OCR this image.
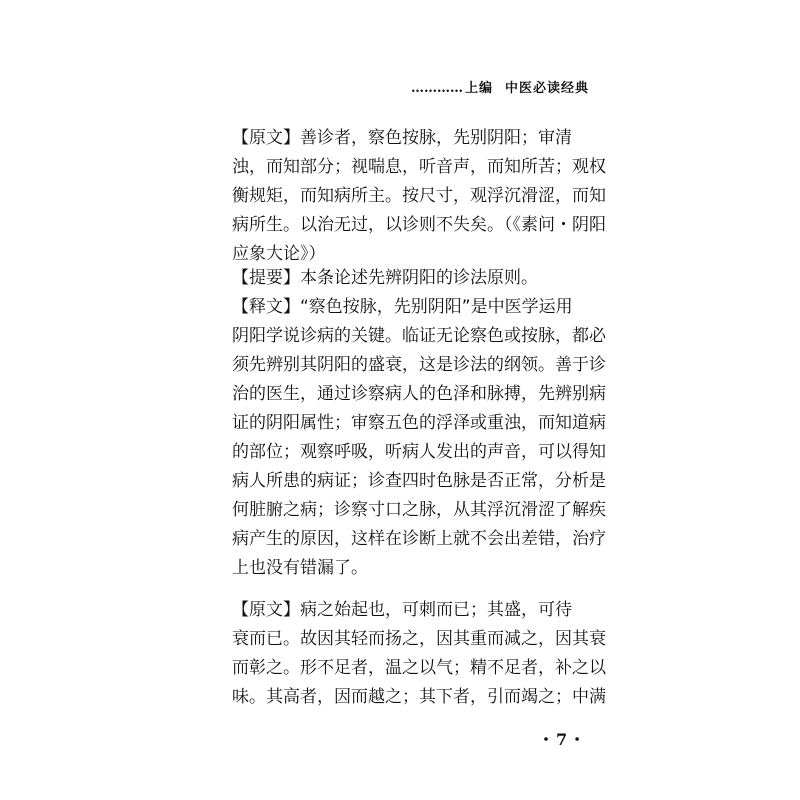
………… 上编 中医必读经典
【原文】善诊者，察色按脉，先别阴阳；审清
浊，而知部分；视喘息，听音声，而知所苦；观权
衡规矩，而知病所主。按尺寸，观浮沉滑涩，而知
病所生。以治无过，以诊则不失矣。（《素问・阴阳
应象大论》）
【提要】本条论述先辨阴阳的诊法原则。
【释文】“察色按脉，先别阴阳”是中医学运用
阴阳学说诊病的关键。临证无论察色或按脉，都必
须先辨别其阴阳的盛衰，这是诊法的纲领。善于诊
治的医生，通过诊察病人的色泽和脉搏，先辨别病
证的阴阳属性；审察五色的浮泽或重浊，而知道病
的部位；观察呼吸，听病人发出的声音，可以得知
病人所患的病证；诊查四时色脉是否正常，分析是
何脏腑之病；诊察寸口之脉，从其浮沉滑涩了解疾
病产生的原因，这样在诊断上就不会出差错，治疗
上也没有错漏了。
【原文】病之始起也，可刺而已；其盛，可待
衰而已。故因其轻而扬之，因其重而减之，因其衰
而彰之。形不足者，温之以气；精不足者，补之以
味。其高者，因而越之；其下者，引而竭之；中满
・7・
